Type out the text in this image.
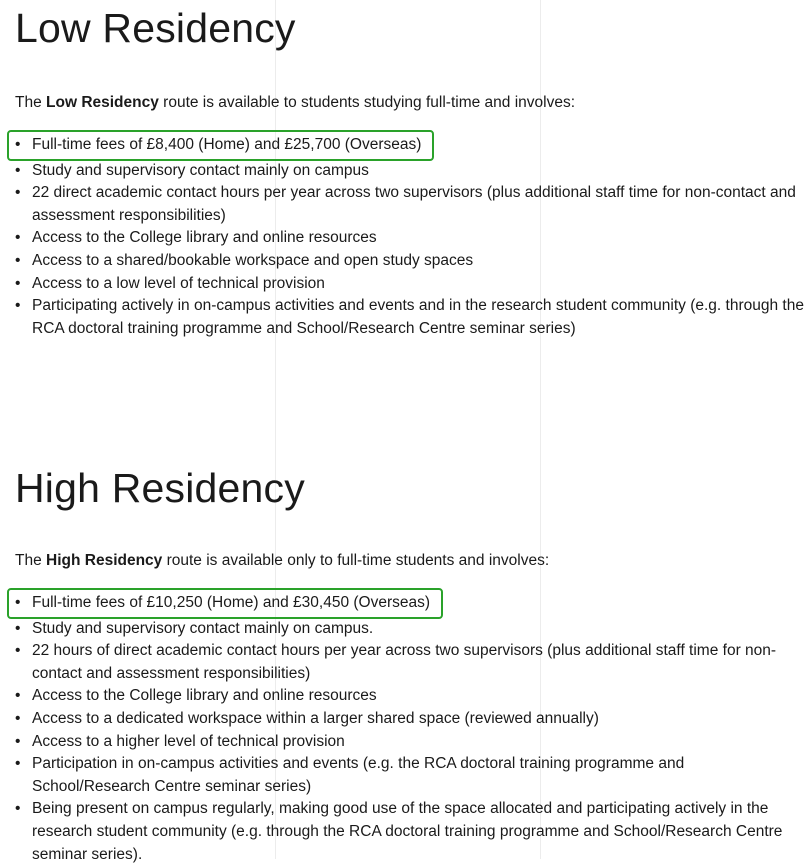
Low Residency

The Low Residency route is available to students studying full-time and involves:

• Full-time fees of £8,400 (Home) and £25,700 (Overseas)
• Study and supervisory contact mainly on campus
• 22 direct academic contact hours per year across two supervisors (plus additional staff time for non-contact and assessment responsibilities)
• Access to the College library and online resources
• Access to a shared/bookable workspace and open study spaces
• Access to a low level of technical provision
• Participating actively in on-campus activities and events and in the research student community (e.g. through the RCA doctoral training programme and School/Research Centre seminar series)
High Residency

The High Residency route is available only to full-time students and involves:

• Full-time fees of £10,250 (Home) and £30,450 (Overseas)
• Study and supervisory contact mainly on campus.
• 22 hours of direct academic contact hours per year across two supervisors (plus additional staff time for non-contact and assessment responsibilities)
• Access to the College library and online resources
• Access to a dedicated workspace within a larger shared space (reviewed annually)
• Access to a higher level of technical provision
• Participation in on-campus activities and events (e.g. the RCA doctoral training programme and School/Research Centre seminar series)
• Being present on campus regularly, making good use of the space allocated and participating actively in the research student community (e.g. through the RCA doctoral training programme and School/Research Centre seminar series).
